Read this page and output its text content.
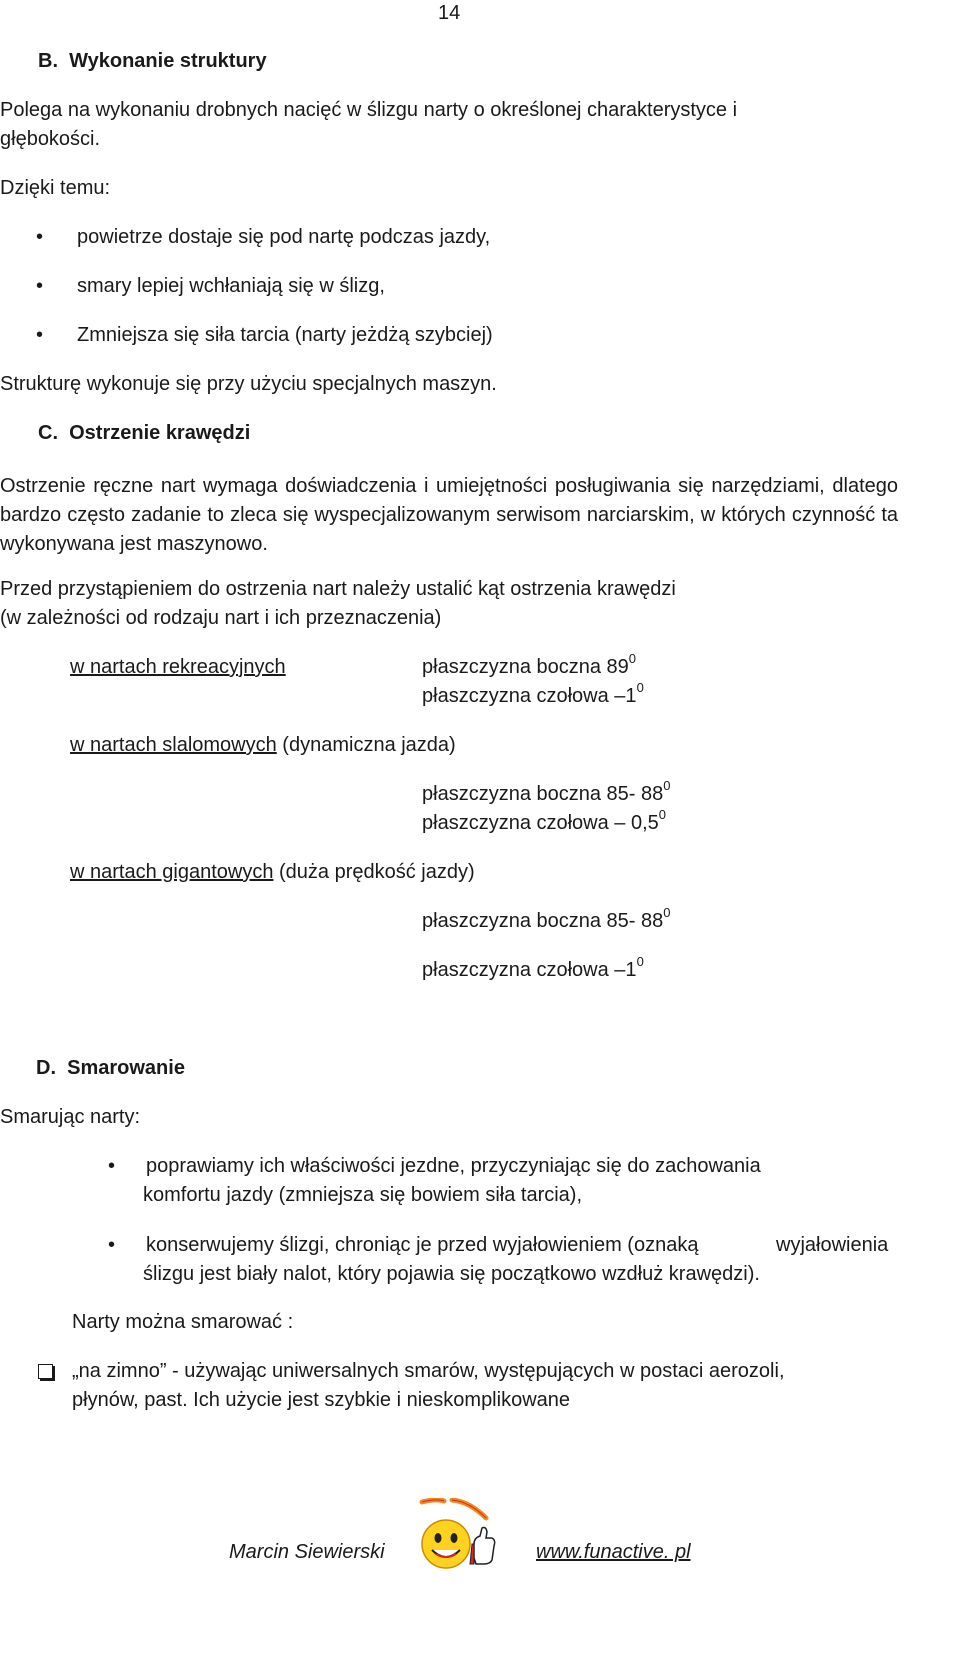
14
B.  Wykonanie struktury
Polega na wykonaniu drobnych nacięć w ślizgu narty o określonej charakterystyce i
głębokości.
Dzięki temu:
• powietrze dostaje się pod nartę podczas jazdy,
• smary lepiej wchłaniają się w ślizg,
• Zmniejsza się siła tarcia (narty jeżdżą szybciej)
Strukturę wykonuje się przy użyciu specjalnych maszyn.
C.  Ostrzenie krawędzi
Ostrzenie ręczne nart wymaga doświadczenia i umiejętności posługiwania się narzędziami, dlatego bardzo często zadanie to zleca się wyspecjalizowanym serwisom narciarskim, w których czynność ta wykonywana jest maszynowo.
Przed przystąpieniem do ostrzenia nart należy ustalić kąt ostrzenia krawędzi
(w zależności od rodzaju nart i ich przeznaczenia)
w nartach rekreacyjnych	płaszczyzna boczna $89^0$
płaszczyzna czołowa $-1^0$
w nartach slalomowych (dynamiczna jazda)
płaszczyzna boczna 85- $88^0$
płaszczyzna czołowa – $0,5^0$
w nartach gigantowych (duża prędkość jazdy)
płaszczyzna boczna 85- $88^0$
płaszczyzna czołowa $-1^0$
D.  Smarowanie
Smarując narty:
• poprawiamy ich właściwości jezdne, przyczyniając się do zachowania
komfortu jazdy (zmniejsza się bowiem siła tarcia),
• konserwujemy ślizgi, chroniąc je przed wyjałowieniem (oznaką	wyjałowienia
ślizgu jest biały nalot, który pojawia się początkowo wzdłuż krawędzi).
Narty można smarować :
„na zimno” - używając uniwersalnych smarów, występujących w postaci aerozoli,
płynów, past. Ich użycie jest szybkie i nieskomplikowane
Marcin Siewierski	www.funactive. pl
